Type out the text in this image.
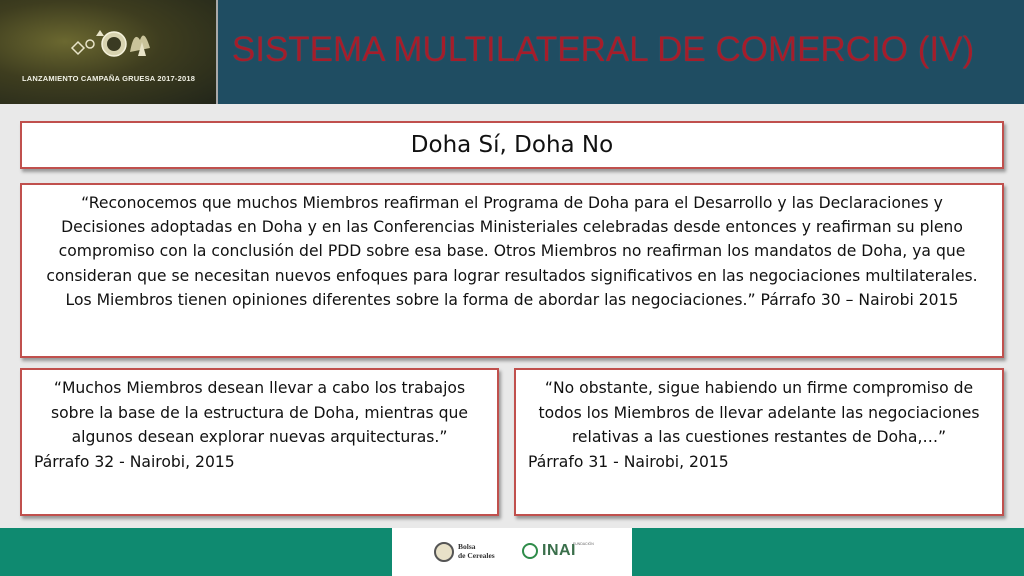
LANZAMIENTO CAMPAÑA GRUESA 2017-2018
SISTEMA MULTILATERAL DE COMERCIO (IV)
Doha Sí, Doha No
“Reconocemos que muchos Miembros reafirman el Programa de Doha para el Desarrollo y las Declaraciones y Decisiones adoptadas en Doha y en las Conferencias Ministeriales celebradas desde entonces y reafirman su pleno compromiso con la conclusión del PDD sobre esa base. Otros Miembros no reafirman los mandatos de Doha, ya que consideran que se necesitan nuevos enfoques para lograr resultados significativos en las negociaciones multilaterales. Los Miembros tienen opiniones diferentes sobre la forma de abordar las negociaciones.” Párrafo 30 – Nairobi 2015
“Muchos Miembros desean llevar a cabo los trabajos sobre la base de la estructura de Doha, mientras que algunos desean explorar nuevas arquitecturas.”
Párrafo 32 - Nairobi, 2015
“No obstante, sigue habiendo un firme compromiso de todos los Miembros de llevar adelante las negociaciones relativas a las cuestiones restantes de Doha,…”
Párrafo 31 - Nairobi, 2015
Bolsa
de Cereales	INAI
FUNDACIÓN
